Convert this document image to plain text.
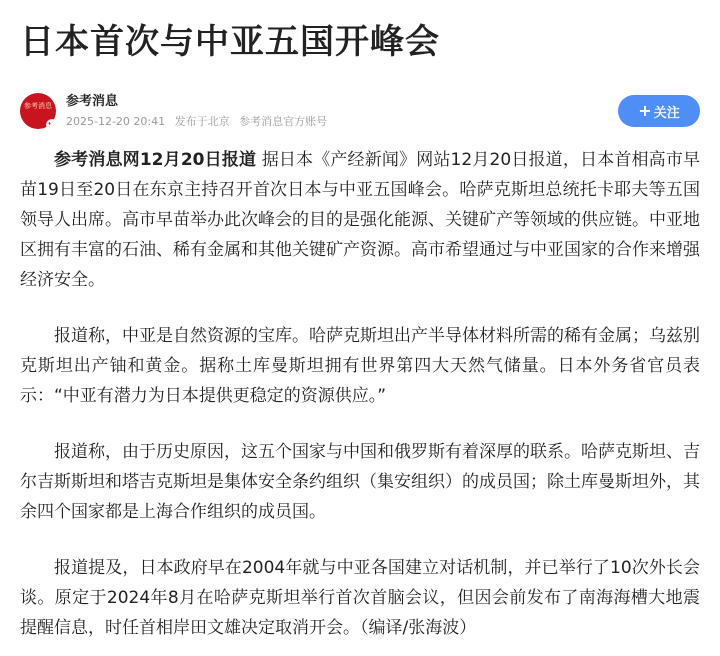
日本首次与中亚五国开峰会
参考消息 参考消息
2025-12-20 20:41 发布于北京 参考消息官方账号
+ 关注

参考消息网12月20日报道 据日本《产经新闻》网站12月20日报道，日本首相高市早苗19日至20日在东京主持召开首次日本与中亚五国峰会。哈萨克斯坦总统托卡耶夫等五国领导人出席。高市早苗举办此次峰会的目的是强化能源、关键矿产等领域的供应链。中亚地区拥有丰富的石油、稀有金属和其他关键矿产资源。高市希望通过与中亚国家的合作来增强经济安全。

报道称，中亚是自然资源的宝库。哈萨克斯坦出产半导体材料所需的稀有金属；乌兹别克斯坦出产铀和黄金。据称土库曼斯坦拥有世界第四大天然气储量。日本外务省官员表示：“中亚有潜力为日本提供更稳定的资源供应。”

报道称，由于历史原因，这五个国家与中国和俄罗斯有着深厚的联系。哈萨克斯坦、吉尔吉斯斯坦和塔吉克斯坦是集体安全条约组织（集安组织）的成员国；除土库曼斯坦外，其余四个国家都是上海合作组织的成员国。

报道提及，日本政府早在2004年就与中亚各国建立对话机制，并已举行了10次外长会谈。原定于2024年8月在哈萨克斯坦举行首次首脑会议，但因会前发布了南海海槽大地震提醒信息，时任首相岸田文雄决定取消开会。（编译/张海波）
